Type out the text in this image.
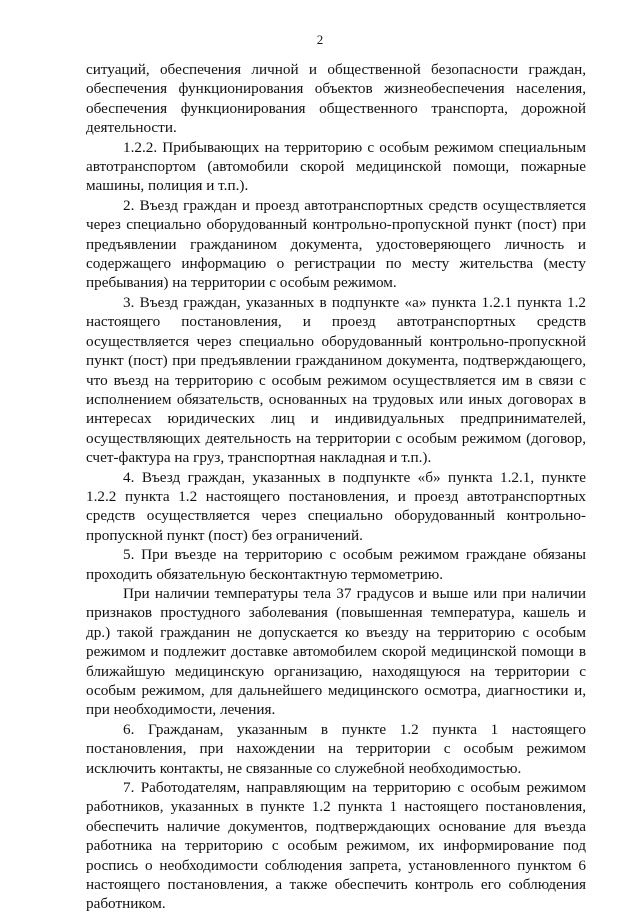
2

ситуаций, обеспечения личной и общественной безопасности граждан, обеспечения функционирования объектов жизнеобеспечения населения, обеспечения функционирования общественного транспорта, дорожной деятельности.

1.2.2. Прибывающих на территорию с особым режимом специальным автотранспортом (автомобили скорой медицинской помощи, пожарные машины, полиция и т.п.).

2. Въезд граждан и проезд автотранспортных средств осуществляется через специально оборудованный контрольно-пропускной пункт (пост) при предъявлении гражданином документа, удостоверяющего личность и содержащего информацию о регистрации по месту жительства (месту пребывания) на территории с особым режимом.

3. Въезд граждан, указанных в подпункте «а» пункта 1.2.1 пункта 1.2 настоящего постановления, и проезд автотранспортных средств осуществляется через специально оборудованный контрольно-пропускной пункт (пост) при предъявлении гражданином документа, подтверждающего, что въезд на территорию с особым режимом осуществляется им в связи с исполнением обязательств, основанных на трудовых или иных договорах в интересах юридических лиц и индивидуальных предпринимателей, осуществляющих деятельность на территории с особым режимом (договор, счет-фактура на груз, транспортная накладная и т.п.).

4. Въезд граждан, указанных в подпункте «б» пункта 1.2.1, пункте 1.2.2 пункта 1.2 настоящего постановления, и проезд автотранспортных средств осуществляется через специально оборудованный контрольно-пропускной пункт (пост) без ограничений.

5. При въезде на территорию с особым режимом граждане обязаны проходить обязательную бесконтактную термометрию.

При наличии температуры тела 37 градусов и выше или при наличии признаков простудного заболевания (повышенная температура, кашель и др.) такой гражданин не допускается ко въезду на территорию с особым режимом и подлежит доставке автомобилем скорой медицинской помощи в ближайшую медицинскую организацию, находящуюся на территории с особым режимом, для дальнейшего медицинского осмотра, диагностики и, при необходимости, лечения.

6. Гражданам, указанным в пункте 1.2 пункта 1 настоящего постановления, при нахождении на территории с особым режимом исключить контакты, не связанные со служебной необходимостью.

7. Работодателям, направляющим на территорию с особым режимом работников, указанных в пункте 1.2 пункта 1 настоящего постановления, обеспечить наличие документов, подтверждающих основание для въезда работника на территорию с особым режимом, их информирование под роспись о необходимости соблюдения запрета, установленного пунктом 6 настоящего постановления, а также обеспечить контроль его соблюдения работником.
